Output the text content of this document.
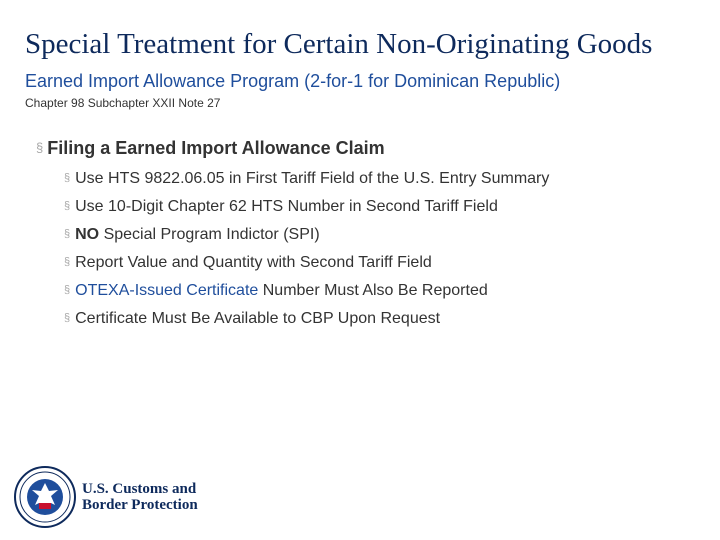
Special Treatment for Certain Non-Originating Goods
Earned Import Allowance Program (2-for-1 for Dominican Republic)
Chapter 98 Subchapter XXII Note 27
§ Filing a Earned Import Allowance Claim
§ Use HTS 9822.06.05 in First Tariff Field of the U.S. Entry Summary
§ Use 10-Digit Chapter 62 HTS Number in Second Tariff Field
§ NO Special Program Indictor (SPI)
§ Report Value and Quantity with Second Tariff Field
§ OTEXA-Issued Certificate Number Must Also Be Reported
§ Certificate Must Be Available to CBP Upon Request
U.S. Customs and
Border Protection
